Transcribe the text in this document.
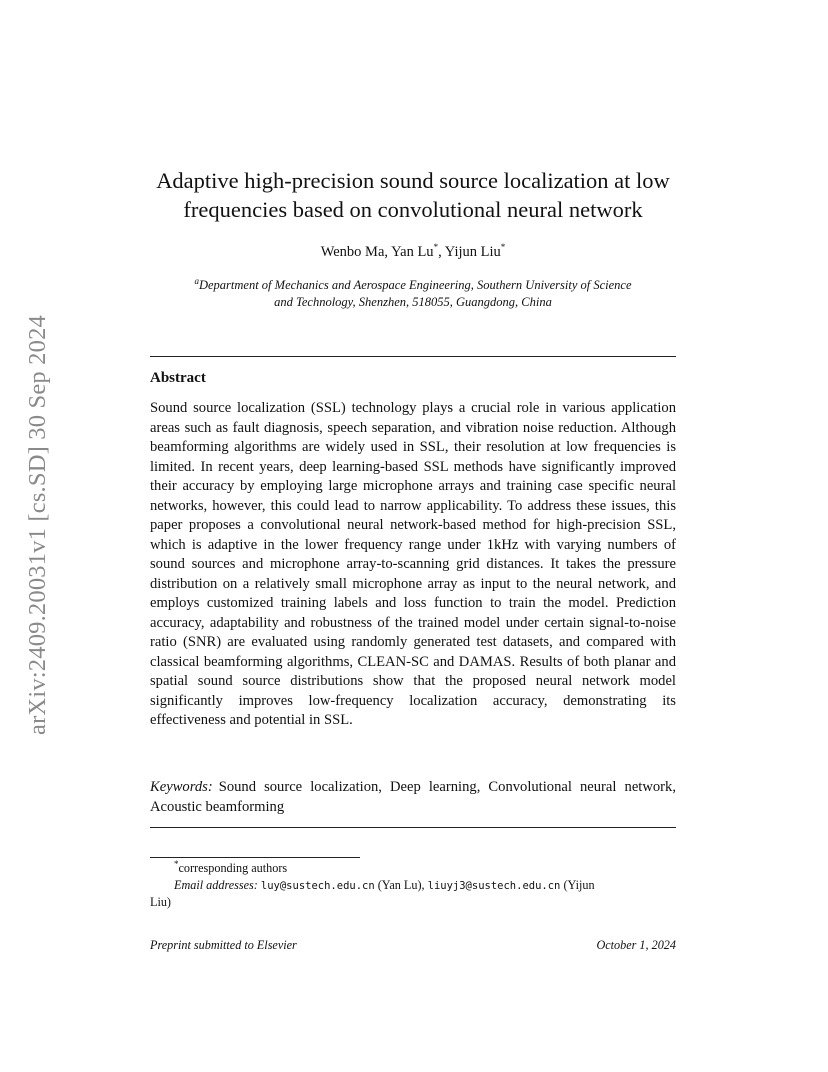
arXiv:2409.20031v1 [cs.SD] 30 Sep 2024
Adaptive high-precision sound source localization at low
frequencies based on convolutional neural network
Wenbo Ma, Yan Lu*, Yijun Liu*
$^a$Department of Mechanics and Aerospace Engineering, Southern University of Science
and Technology, Shenzhen, 518055, Guangdong, China
Abstract

Sound source localization (SSL) technology plays a crucial role in various application areas such as fault diagnosis, speech separation, and vibration noise reduction. Although beamforming algorithms are widely used in SSL, their resolution at low frequencies is limited. In recent years, deep learning-based SSL methods have significantly improved their accuracy by employing large microphone arrays and training case specific neural networks, however, this could lead to narrow applicability. To address these issues, this paper proposes a convolutional neural network-based method for high-precision SSL, which is adaptive in the lower frequency range under 1kHz with varying numbers of sound sources and microphone array-to-scanning grid distances. It takes the pressure distribution on a relatively small microphone array as input to the neural network, and employs customized training labels and loss function to train the model. Prediction accuracy, adaptability and robustness of the trained model under certain signal-to-noise ratio (SNR) are evaluated using randomly generated test datasets, and compared with classical beamforming algorithms, CLEAN-SC and DAMAS. Results of both planar and spatial sound source distributions show that the proposed neural network model significantly improves low-frequency localization accuracy, demonstrating its effectiveness and potential in SSL.

Keywords: Sound source localization, Deep learning, Convolutional neural network, Acoustic beamforming

*corresponding authors

Email addresses: luy@sustech.edu.cn (Yan Lu), liuyj3@sustech.edu.cn (Yijun

Liu)

Preprint submitted to Elsevier	October 1, 2024
